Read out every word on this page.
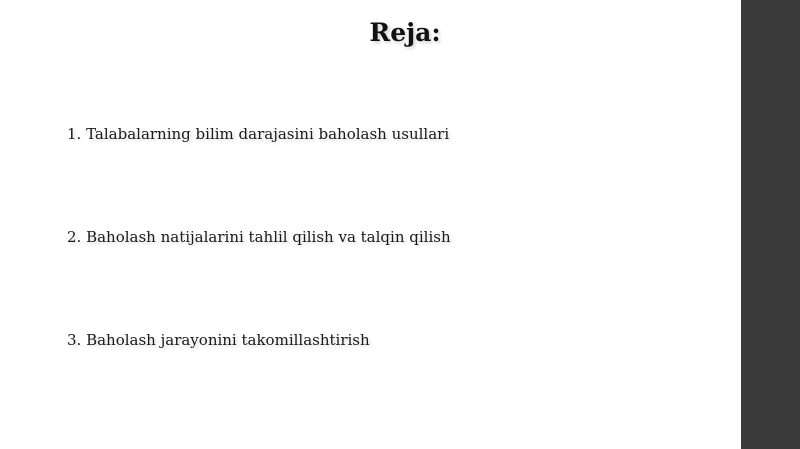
Reja:
1. Talabalarning bilim darajasini baholash usullari
2. Baholash natijalarini tahlil qilish va talqin qilish
3. Baholash jarayonini takomillashtirish
